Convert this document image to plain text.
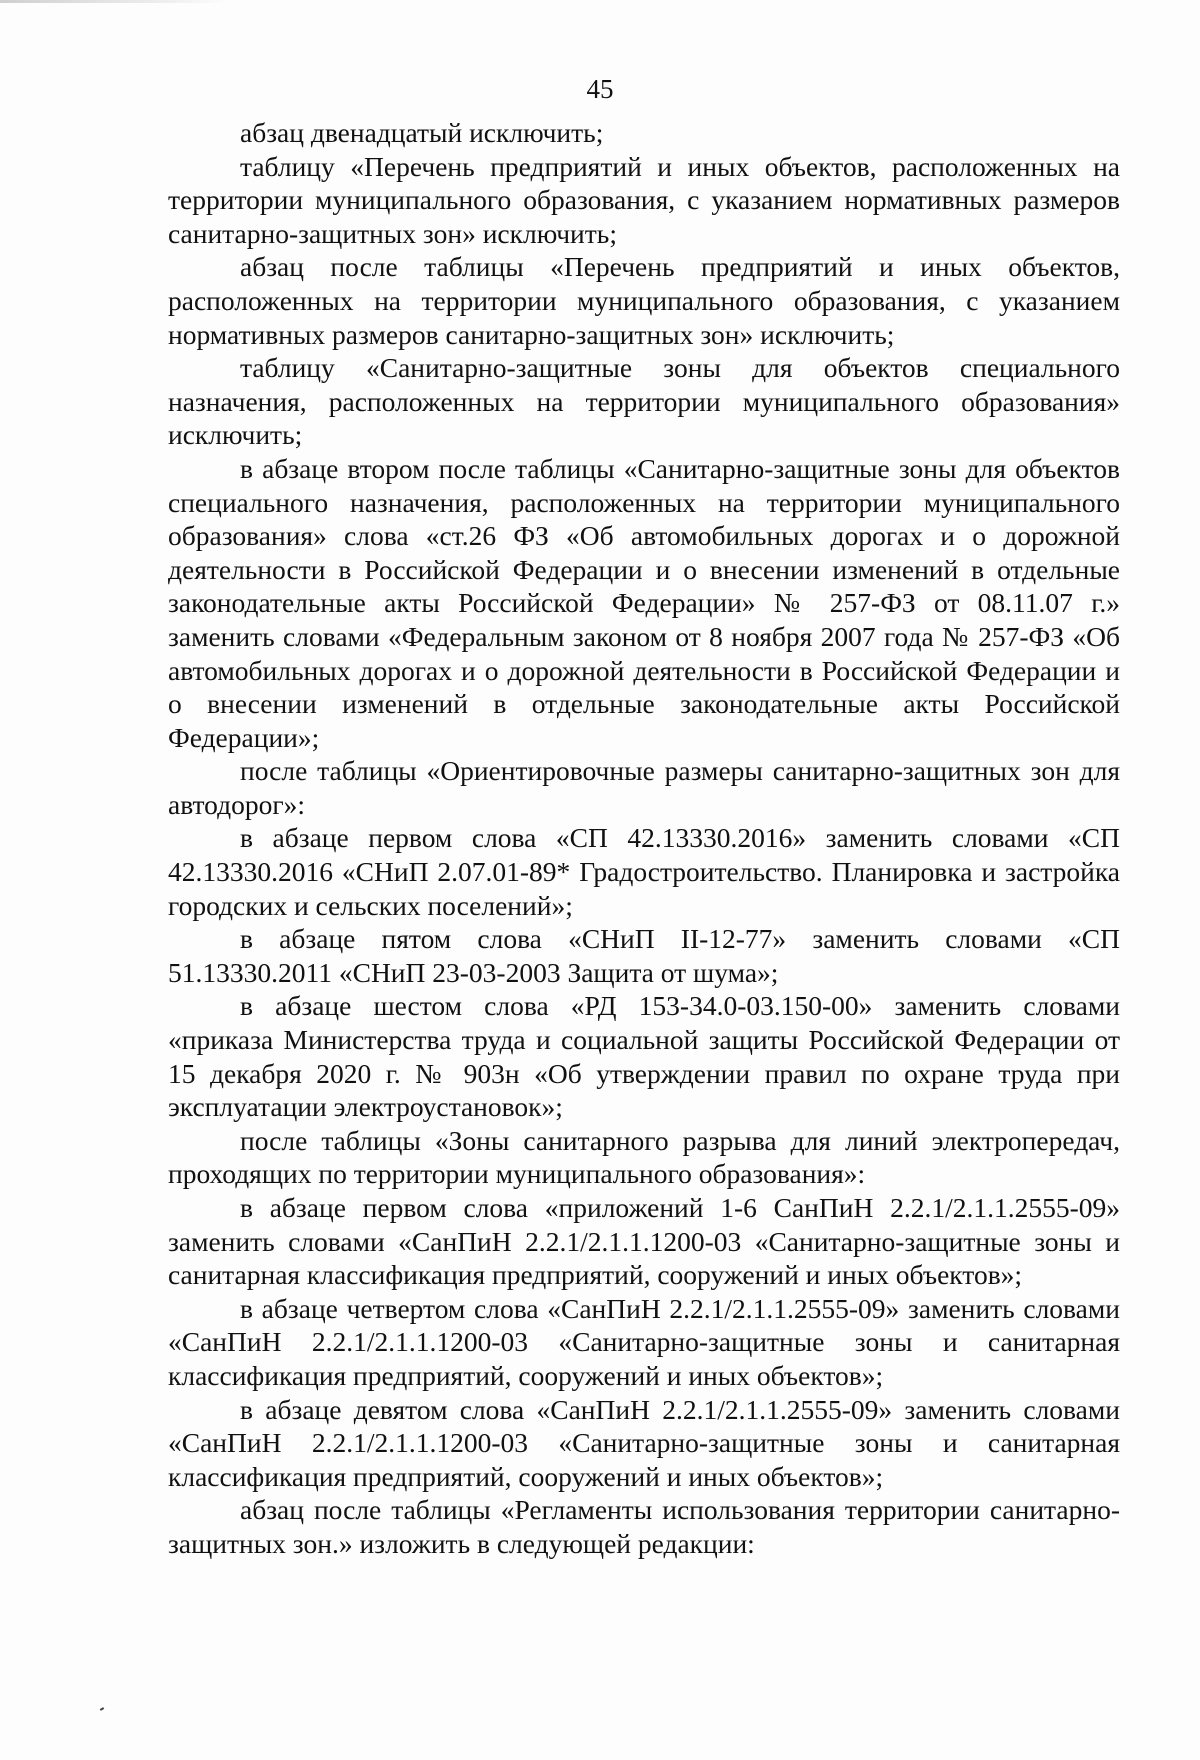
45

абзац двенадцатый исключить;

таблицу «Перечень предприятий и иных объектов, расположенных на территории муниципального образования, с указанием нормативных размеров санитарно-защитных зон» исключить;

абзац после таблицы «Перечень предприятий и иных объектов, расположенных на территории муниципального образования, с указанием нормативных размеров санитарно-защитных зон» исключить;

таблицу «Санитарно-защитные зоны для объектов специального назначения, расположенных на территории муниципального образования» исключить;

в абзаце втором после таблицы «Санитарно-защитные зоны для объектов специального назначения, расположенных на территории муниципального образования» слова «ст.26 ФЗ «Об автомобильных дорогах и о дорожной деятельности в Российской Федерации и о внесении изменений в отдельные законодательные акты Российской Федерации» № 257-ФЗ от 08.11.07 г.» заменить словами «Федеральным законом от 8 ноября 2007 года № 257-ФЗ «Об автомобильных дорогах и о дорожной деятельности в Российской Федерации и о внесении изменений в отдельные законодательные акты Российской Федерации»;

после таблицы «Ориентировочные размеры санитарно-защитных зон для автодорог»:

в абзаце первом слова «СП 42.13330.2016» заменить словами «СП 42.13330.2016 «СНиП 2.07.01-89* Градостроительство. Планировка и застройка городских и сельских поселений»;

в абзаце пятом слова «СНиП II-12-77» заменить словами «СП 51.13330.2011 «СНиП 23-03-2003 Защита от шума»;

в абзаце шестом слова «РД 153-34.0-03.150-00» заменить словами «приказа Министерства труда и социальной защиты Российской Федерации от 15 декабря 2020 г. № 903н «Об утверждении правил по охране труда при эксплуатации электроустановок»;

после таблицы «Зоны санитарного разрыва для линий электропередач, проходящих по территории муниципального образования»:

в абзаце первом слова «приложений 1-6 СанПиН 2.2.1/2.1.1.2555-09» заменить словами «СанПиН 2.2.1/2.1.1.1200-03 «Санитарно-защитные зоны и санитарная классификация предприятий, сооружений и иных объектов»;

в абзаце четвертом слова «СанПиН 2.2.1/2.1.1.2555-09» заменить словами «СанПиН 2.2.1/2.1.1.1200-03 «Санитарно-защитные зоны и санитарная классификация предприятий, сооружений и иных объектов»;

в абзаце девятом слова «СанПиН 2.2.1/2.1.1.2555-09» заменить словами «СанПиН 2.2.1/2.1.1.1200-03 «Санитарно-защитные зоны и санитарная классификация предприятий, сооружений и иных объектов»;

абзац после таблицы «Регламенты использования территории санитарно-защитных зон.» изложить в следующей редакции:
